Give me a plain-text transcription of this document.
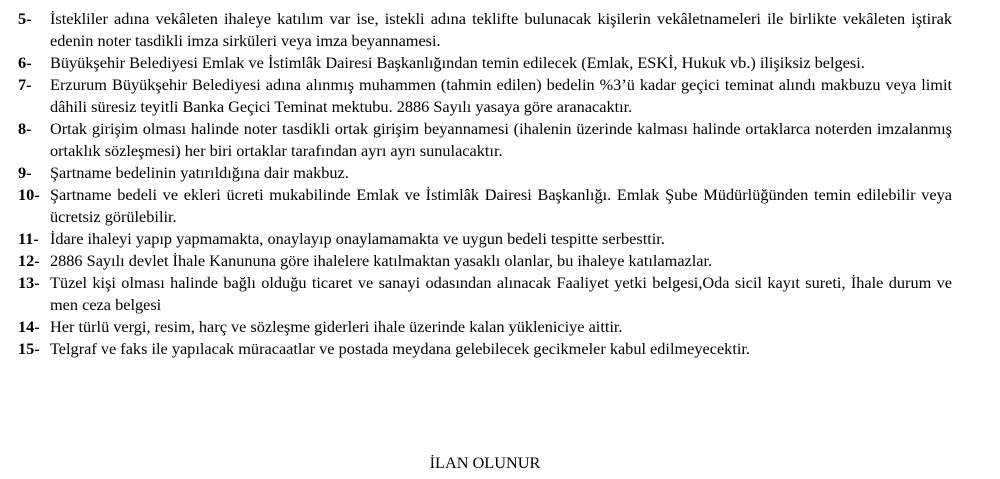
5- İstekliler adına vekâleten ihaleye katılım var ise, istekli adına teklifte bulunacak kişilerin vekâletnameleri ile birlikte vekâleten iştirak edenin noter tasdikli imza sirküleri veya imza beyannamesi.
6- Büyükşehir Belediyesi Emlak ve İstimlâk Dairesi Başkanlığından temin edilecek (Emlak, ESKİ, Hukuk vb.) ilişiksiz belgesi.
7- Erzurum Büyükşehir Belediyesi adına alınmış muhammen (tahmin edilen) bedelin %3’ü kadar geçici teminat alındı makbuzu veya limit dâhili süresiz teyitli Banka Geçici Teminat mektubu. 2886 Sayılı yasaya göre aranacaktır.
8- Ortak girişim olması halinde noter tasdikli ortak girişim beyannamesi (ihalenin üzerinde kalması halinde ortaklarca noterden imzalanmış ortaklık sözleşmesi) her biri ortaklar tarafından ayrı ayrı sunulacaktır.
9- Şartname bedelinin yatırıldığına dair makbuz.
10- Şartname bedeli ve ekleri ücreti mukabilinde Emlak ve İstimlâk Dairesi Başkanlığı. Emlak Şube Müdürlüğünden temin edilebilir veya ücretsiz görülebilir.
11- İdare ihaleyi yapıp yapmamakta, onaylayıp onaylamamakta ve uygun bedeli tespitte serbesttir.
12- 2886 Sayılı devlet İhale Kanununa göre ihalelere katılmaktan yasaklı olanlar, bu ihaleye katılamazlar.
13- Tüzel kişi olması halinde bağlı olduğu ticaret ve sanayi odasından alınacak Faaliyet yetki belgesi,Oda sicil kayıt sureti, İhale durum ve men ceza belgesi
14- Her türlü vergi, resim, harç ve sözleşme giderleri ihale üzerinde kalan yükleniciye aittir.
15- Telgraf ve faks ile yapılacak müracaatlar ve postada meydana gelebilecek gecikmeler kabul edilmeyecektir.
İLAN OLUNUR
